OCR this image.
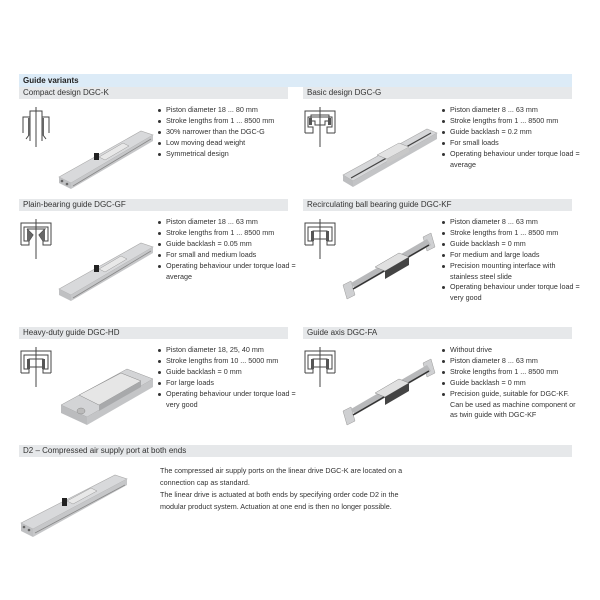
Guide variants
Compact design DGC-K
Piston diameter 18 ... 80 mm
Stroke lengths from 1 ... 8500 mm
30% narrower than the DGC-G
Low moving dead weight
Symmetrical design
Basic design DGC-G
Piston diameter 8 ... 63 mm
Stroke lengths from 1 ... 8500 mm
Guide backlash = 0.2 mm
For small loads
Operating behaviour under torque load = average
Plain-bearing guide DGC-GF
Piston diameter 18 ... 63 mm
Stroke lengths from 1 ... 8500 mm
Guide backlash = 0.05 mm
For small and medium loads
Operating behaviour under torque load = average
Recirculating ball bearing guide DGC-KF
Piston diameter 8 ... 63 mm
Stroke lengths from 1 ... 8500 mm
Guide backlash = 0 mm
For medium and large loads
Precision mounting interface with stainless steel slide
Operating behaviour under torque load = very good
Heavy-duty guide DGC-HD
Piston diameter 18, 25, 40 mm
Stroke lengths from 10 ... 5000 mm
Guide backlash = 0 mm
For large loads
Operating behaviour under torque load = very good
Guide axis DGC-FA
Without drive
Piston diameter 8 ... 63 mm
Stroke lengths from 1 ... 8500 mm
Guide backlash = 0 mm
Precision guide, suitable for DGC-KF. Can be used as machine component or as twin guide with DGC-KF
D2 – Compressed air supply port at both ends

The compressed air supply ports on the linear drive DGC-K are located on a connection cap as standard.

The linear drive is actuated at both ends by specifying order code D2 in the modular product system. Actuation at one end is then no longer possible.
